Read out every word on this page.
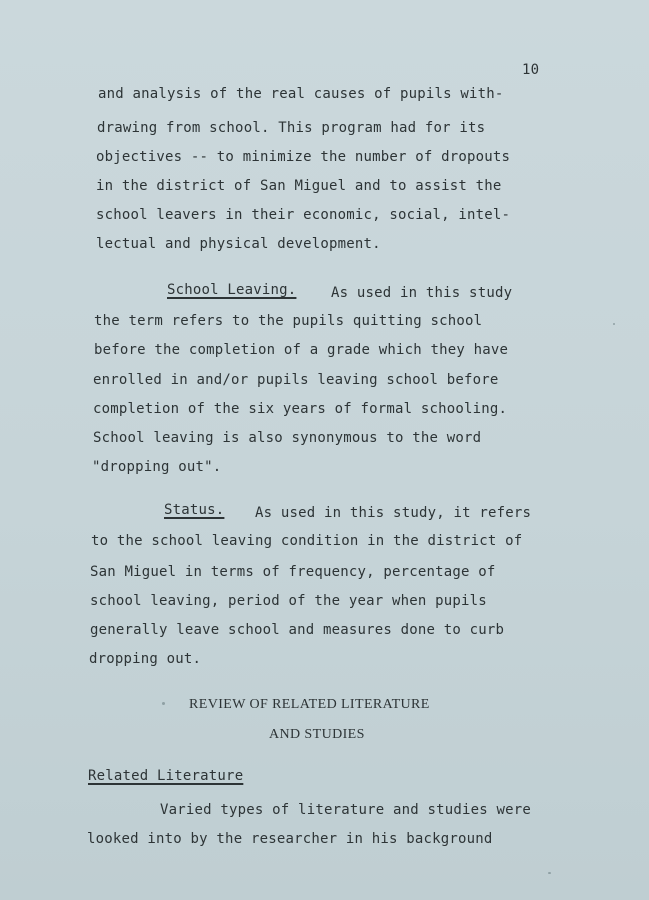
10
and analysis of the real causes of pupils with-
drawing from school. This program had for its
objectives -- to minimize the number of dropouts
in the district of San Miguel and to assist the
school leavers in their economic, social, intel-
lectual and physical development.
School Leaving. As used in this study
the term refers to the pupils quitting school
before the completion of a grade which they have
enrolled in and/or pupils leaving school before
completion of the six years of formal schooling.
School leaving is also synonymous to the word
"dropping out".
Status. As used in this study, it refers
to the school leaving condition in the district of
San Miguel in terms of frequency, percentage of
school leaving, period of the year when pupils
generally leave school and measures done to curb
dropping out.
REVIEW OF RELATED LITERATURE
AND STUDIES
Related Literature
Varied types of literature and studies were
looked into by the researcher in his background
